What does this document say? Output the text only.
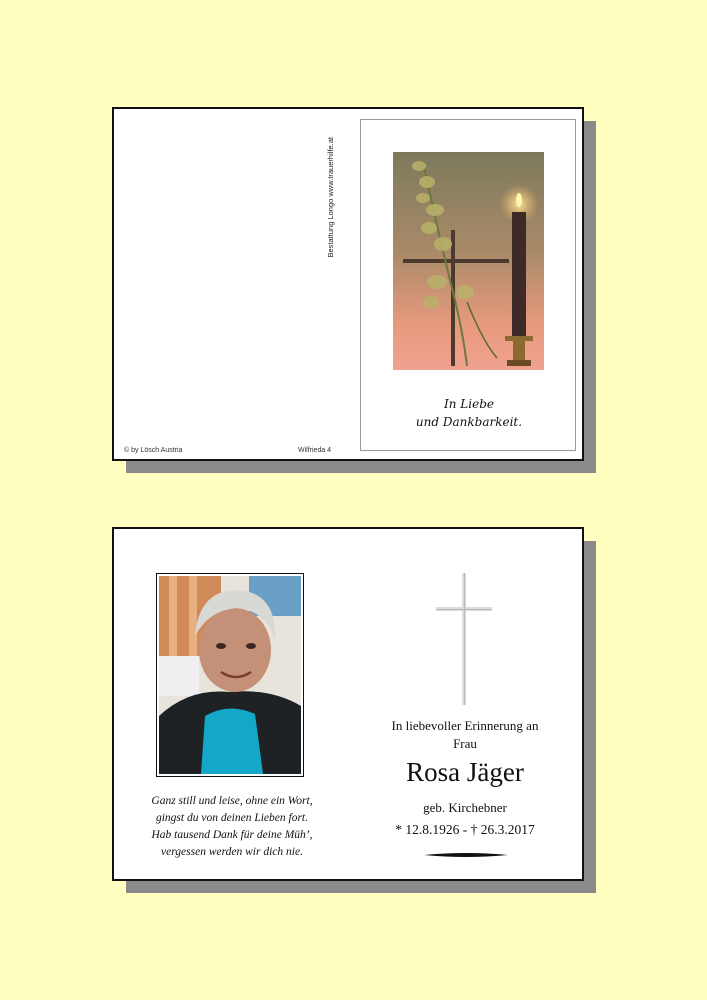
Bestattung Longo www.trauerhilfe.at
© by Lösch Austria	Wilfrieda 4
In Liebe
und Dankbarkeit.
Ganz still und leise, ohne ein Wort,
gingst du von deinen Lieben fort.
Hab tausend Dank für deine Müh’,
vergessen werden wir dich nie.
In liebevoller Erinnerung an
Frau
Rosa Jäger
geb. Kirchebner
* 12.8.1926 - † 26.3.2017
